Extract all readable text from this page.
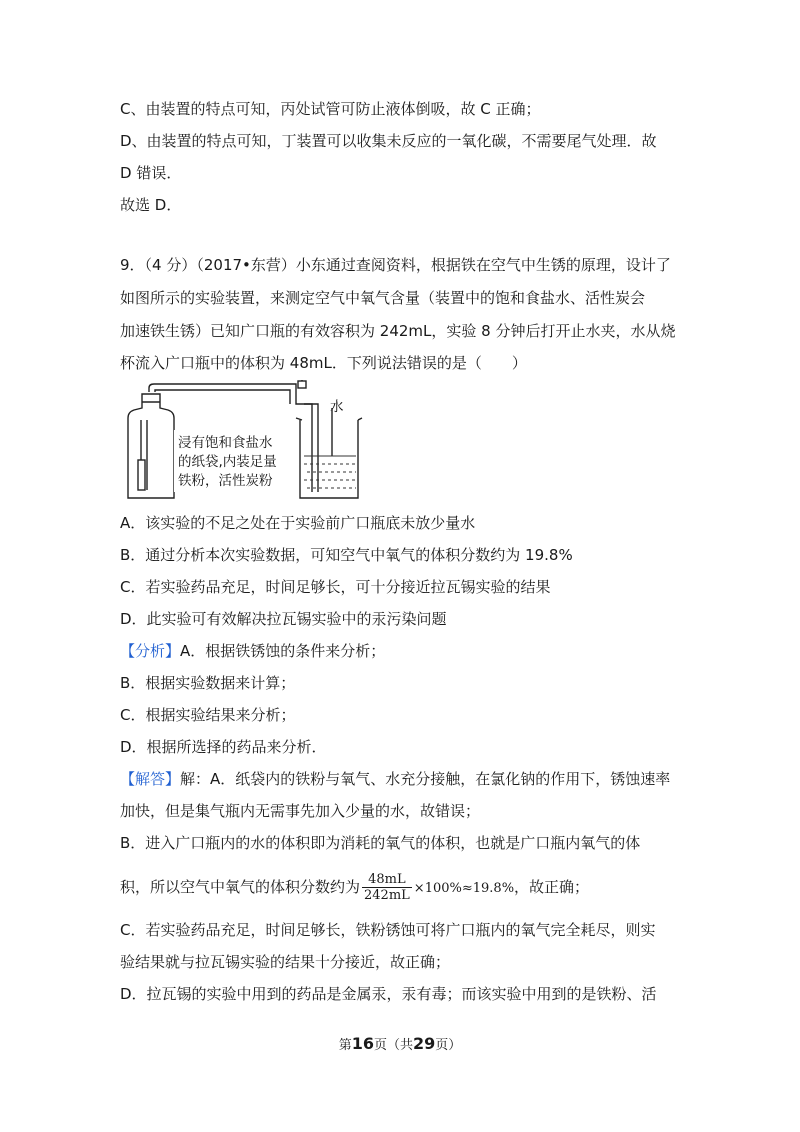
C、由装置的特点可知，丙处试管可防止液体倒吸，故 C 正确；
D、由装置的特点可知，丁装置可以收集未反应的一氧化碳，不需要尾气处理．故
D 错误．
故选 D．
9．（4 分）（2017•东营）小东通过查阅资料，根据铁在空气中生锈的原理，设计了
如图所示的实验装置，来测定空气中氧气含量（装置中的饱和食盐水、活性炭会
加速铁生锈）已知广口瓶的有效容积为 242mL，实验 8 分钟后打开止水夹，水从烧
杯流入广口瓶中的体积为 48mL．下列说法错误的是（　　）
水
浸有饱和食盐水
的纸袋,内装足量
铁粉，活性炭粉
A．该实验的不足之处在于实验前广口瓶底未放少量水
B．通过分析本次实验数据，可知空气中氧气的体积分数约为 19.8%
C．若实验药品充足，时间足够长，可十分接近拉瓦锡实验的结果
D．此实验可有效解决拉瓦锡实验中的汞污染问题
【分析】A．根据铁锈蚀的条件来分析；
B．根据实验数据来计算；
C．根据实验结果来分析；
D．根据所选择的药品来分析．
【解答】解：A．纸袋内的铁粉与氧气、水充分接触，在氯化钠的作用下，锈蚀速率
加快，但是集气瓶内无需事先加入少量的水，故错误；
B．进入广口瓶内的水的体积即为消耗的氧气的体积，也就是广口瓶内氧气的体
积，所以空气中氧气的体积分数约为 $\frac{48mL}{242mL} \times 100\%\approx 19.8\%$，故正确；
C．若实验药品充足，时间足够长，铁粉锈蚀可将广口瓶内的氧气完全耗尽，则实
验结果就与拉瓦锡实验的结果十分接近，故正确；
D．拉瓦锡的实验中用到的药品是金属汞，汞有毒；而该实验中用到的是铁粉、活
第16页（共29页）
